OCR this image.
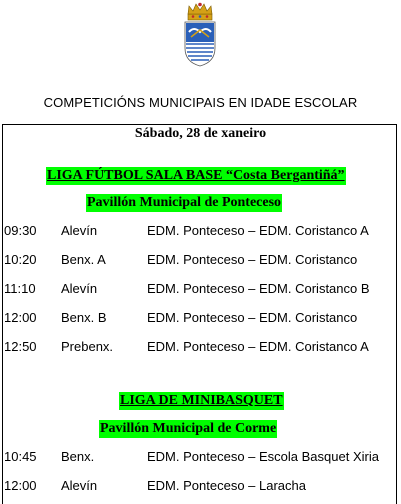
COMPETICIÓNS MUNICIPAIS EN IDADE ESCOLAR
Sábado, 28 de xaneiro
LIGA FÚTBOL SALA BASE “Costa Bergantiñá”
Pavillón Municipal de Ponteceso
09:30 Alevín	EDM. Ponteceso – EDM. Coristanco A
10:20 Benx. A	EDM. Ponteceso – EDM. Coristanco
11:10 Alevín	EDM. Ponteceso – EDM. Coristanco B
12:00 Benx. B	EDM. Ponteceso – EDM. Coristanco
12:50 Prebenx.	EDM. Ponteceso – EDM. Coristanco A
LIGA DE MINIBASQUET
Pavillón Municipal de Corme
10:45 Benx.	EDM. Ponteceso – Escola Basquet Xiria
12:00 Alevín	EDM. Ponteceso – Laracha
